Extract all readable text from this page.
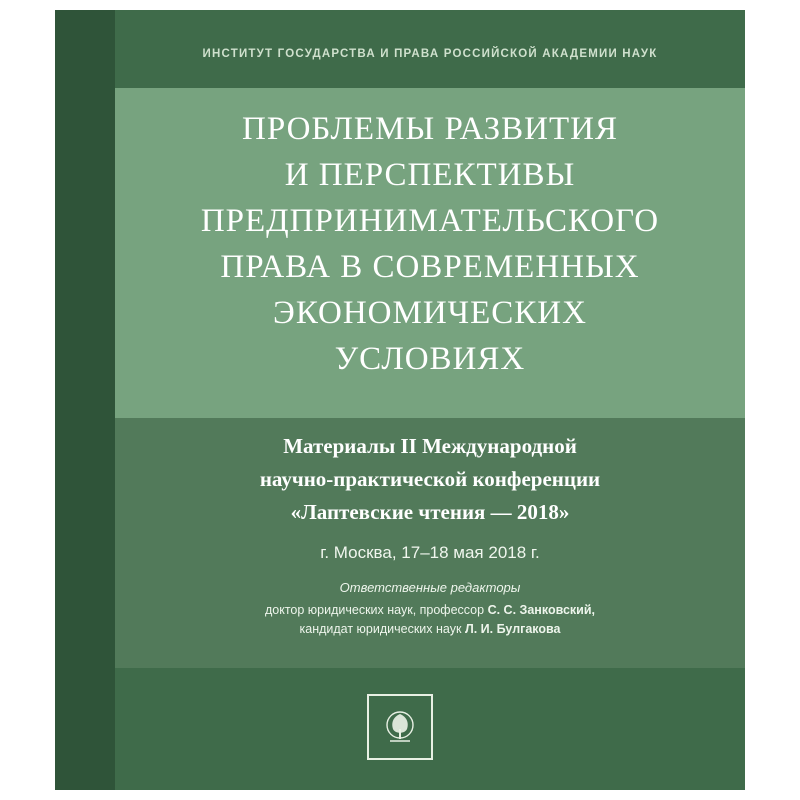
ИНСТИТУТ ГОСУДАРСТВА И ПРАВА РОССИЙСКОЙ АКАДЕМИИ НАУК
ПРОБЛЕМЫ РАЗВИТИЯ
И ПЕРСПЕКТИВЫ
ПРЕДПРИНИМАТЕЛЬСКОГО
ПРАВА В СОВРЕМЕННЫХ
ЭКОНОМИЧЕСКИХ
УСЛОВИЯХ
Материалы II Международной
научно-практической конференции
«Лаптевские чтения — 2018»
г. Москва, 17–18 мая 2018 г.
Ответственные редакторы
доктор юридических наук, профессор С. С. Занковский,
кандидат юридических наук Л. И. Булгакова
